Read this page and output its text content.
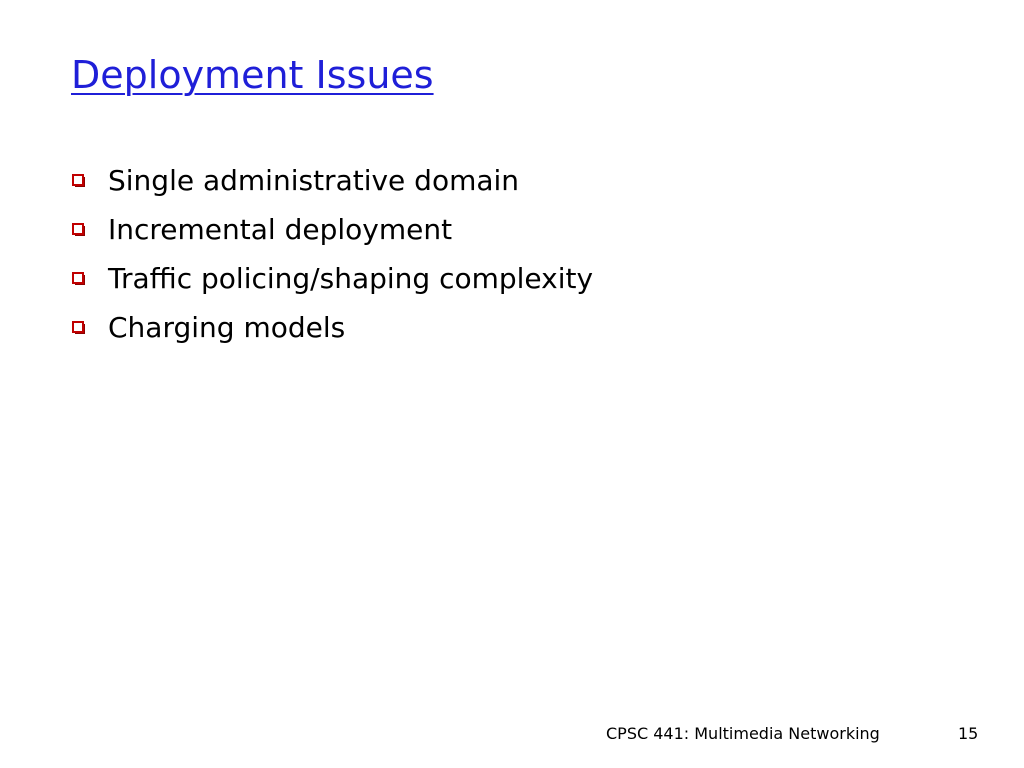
Deployment Issues
Single administrative domain
Incremental deployment
Traffic policing/shaping complexity
Charging models
CPSC 441: Multimedia Networking	15
